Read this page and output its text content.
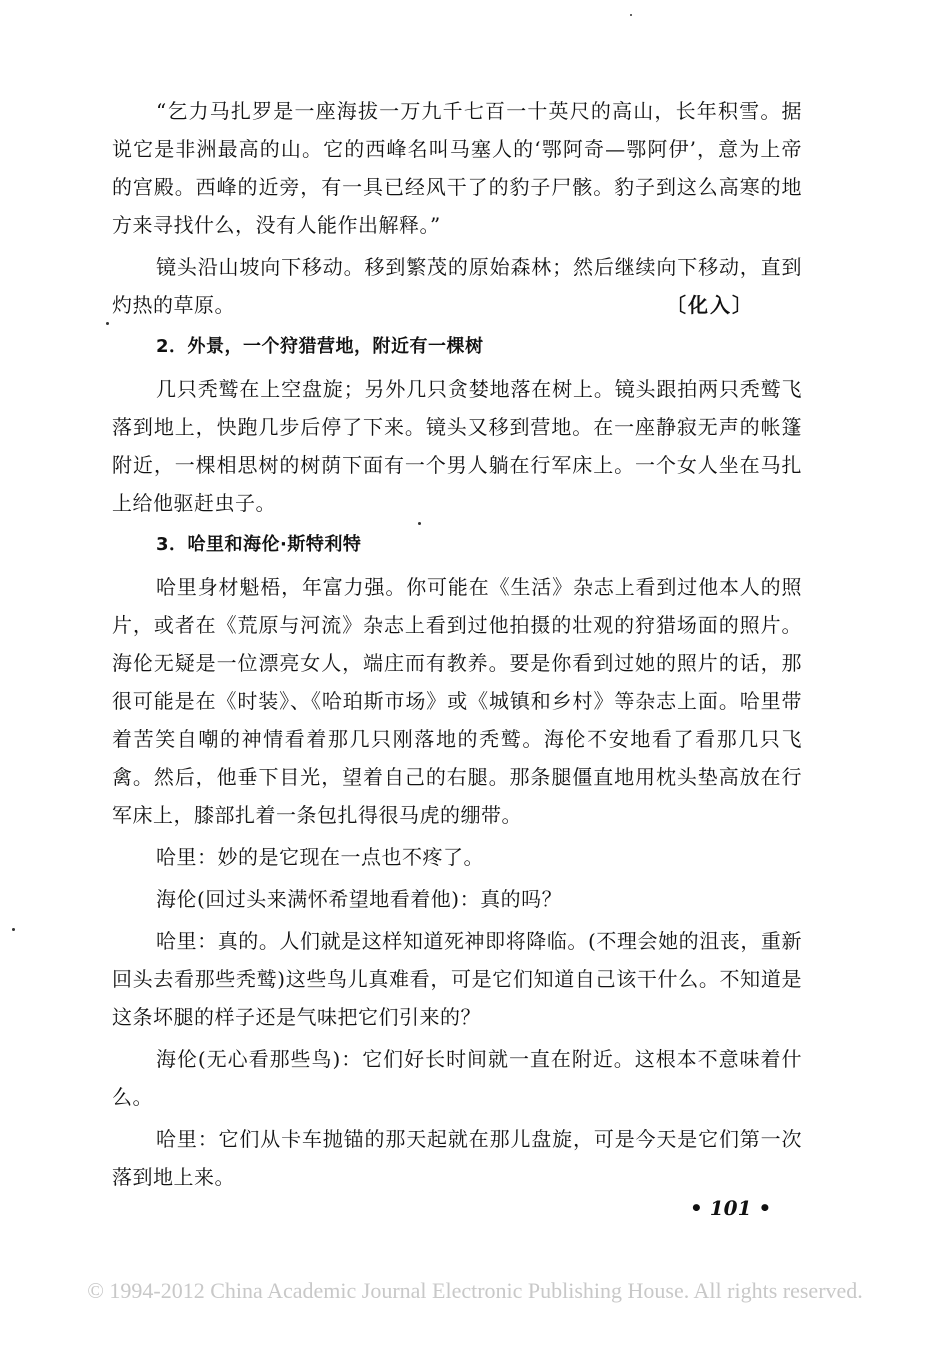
“乞力马扎罗是一座海拔一万九千七百一十英尺的高山，长年积雪。据说它是非洲最高的山。它的西峰名叫马塞人的‘鄂阿奇—鄂阿伊’，意为上帝的宫殿。西峰的近旁，有一具已经风干了的豹子尸骸。豹子到这么高寒的地方来寻找什么，没有人能作出解释。”

镜头沿山坡向下移动。移到繁茂的原始森林；然后继续向下移动，直到灼热的草原。	〔化入〕

2．外景，一个狩猎营地，附近有一棵树

几只秃鹫在上空盘旋；另外几只贪婪地落在树上。镜头跟拍两只秃鹫飞落到地上，快跑几步后停了下来。镜头又移到营地。在一座静寂无声的帐篷附近，一棵相思树的树荫下面有一个男人躺在行军床上。一个女人坐在马扎上给他驱赶虫子。

3．哈里和海伦·斯特利特

哈里身材魁梧，年富力强。你可能在《生活》杂志上看到过他本人的照片，或者在《荒原与河流》杂志上看到过他拍摄的壮观的狩猎场面的照片。海伦无疑是一位漂亮女人，端庄而有教养。要是你看到过她的照片的话，那很可能是在《时装》、《哈珀斯市场》或《城镇和乡村》等杂志上面。哈里带着苦笑自嘲的神情看着那几只刚落地的秃鹫。海伦不安地看了看那几只飞禽。然后，他垂下目光，望着自己的右腿。那条腿僵直地用枕头垫高放在行军床上，膝部扎着一条包扎得很马虎的绷带。

哈里：妙的是它现在一点也不疼了。

海伦(回过头来满怀希望地看着他)：真的吗？

哈里：真的。人们就是这样知道死神即将降临。(不理会她的沮丧，重新回头去看那些秃鹫)这些鸟儿真难看，可是它们知道自己该干什么。不知道是这条坏腿的样子还是气味把它们引来的？

海伦(无心看那些鸟)：它们好长时间就一直在附近。这根本不意味着什么。

哈里：它们从卡车抛锚的那天起就在那儿盘旋，可是今天是它们第一次落到地上来。

• 101 •
© 1994-2012 China Academic Journal Electronic Publishing House. All rights reserved.
